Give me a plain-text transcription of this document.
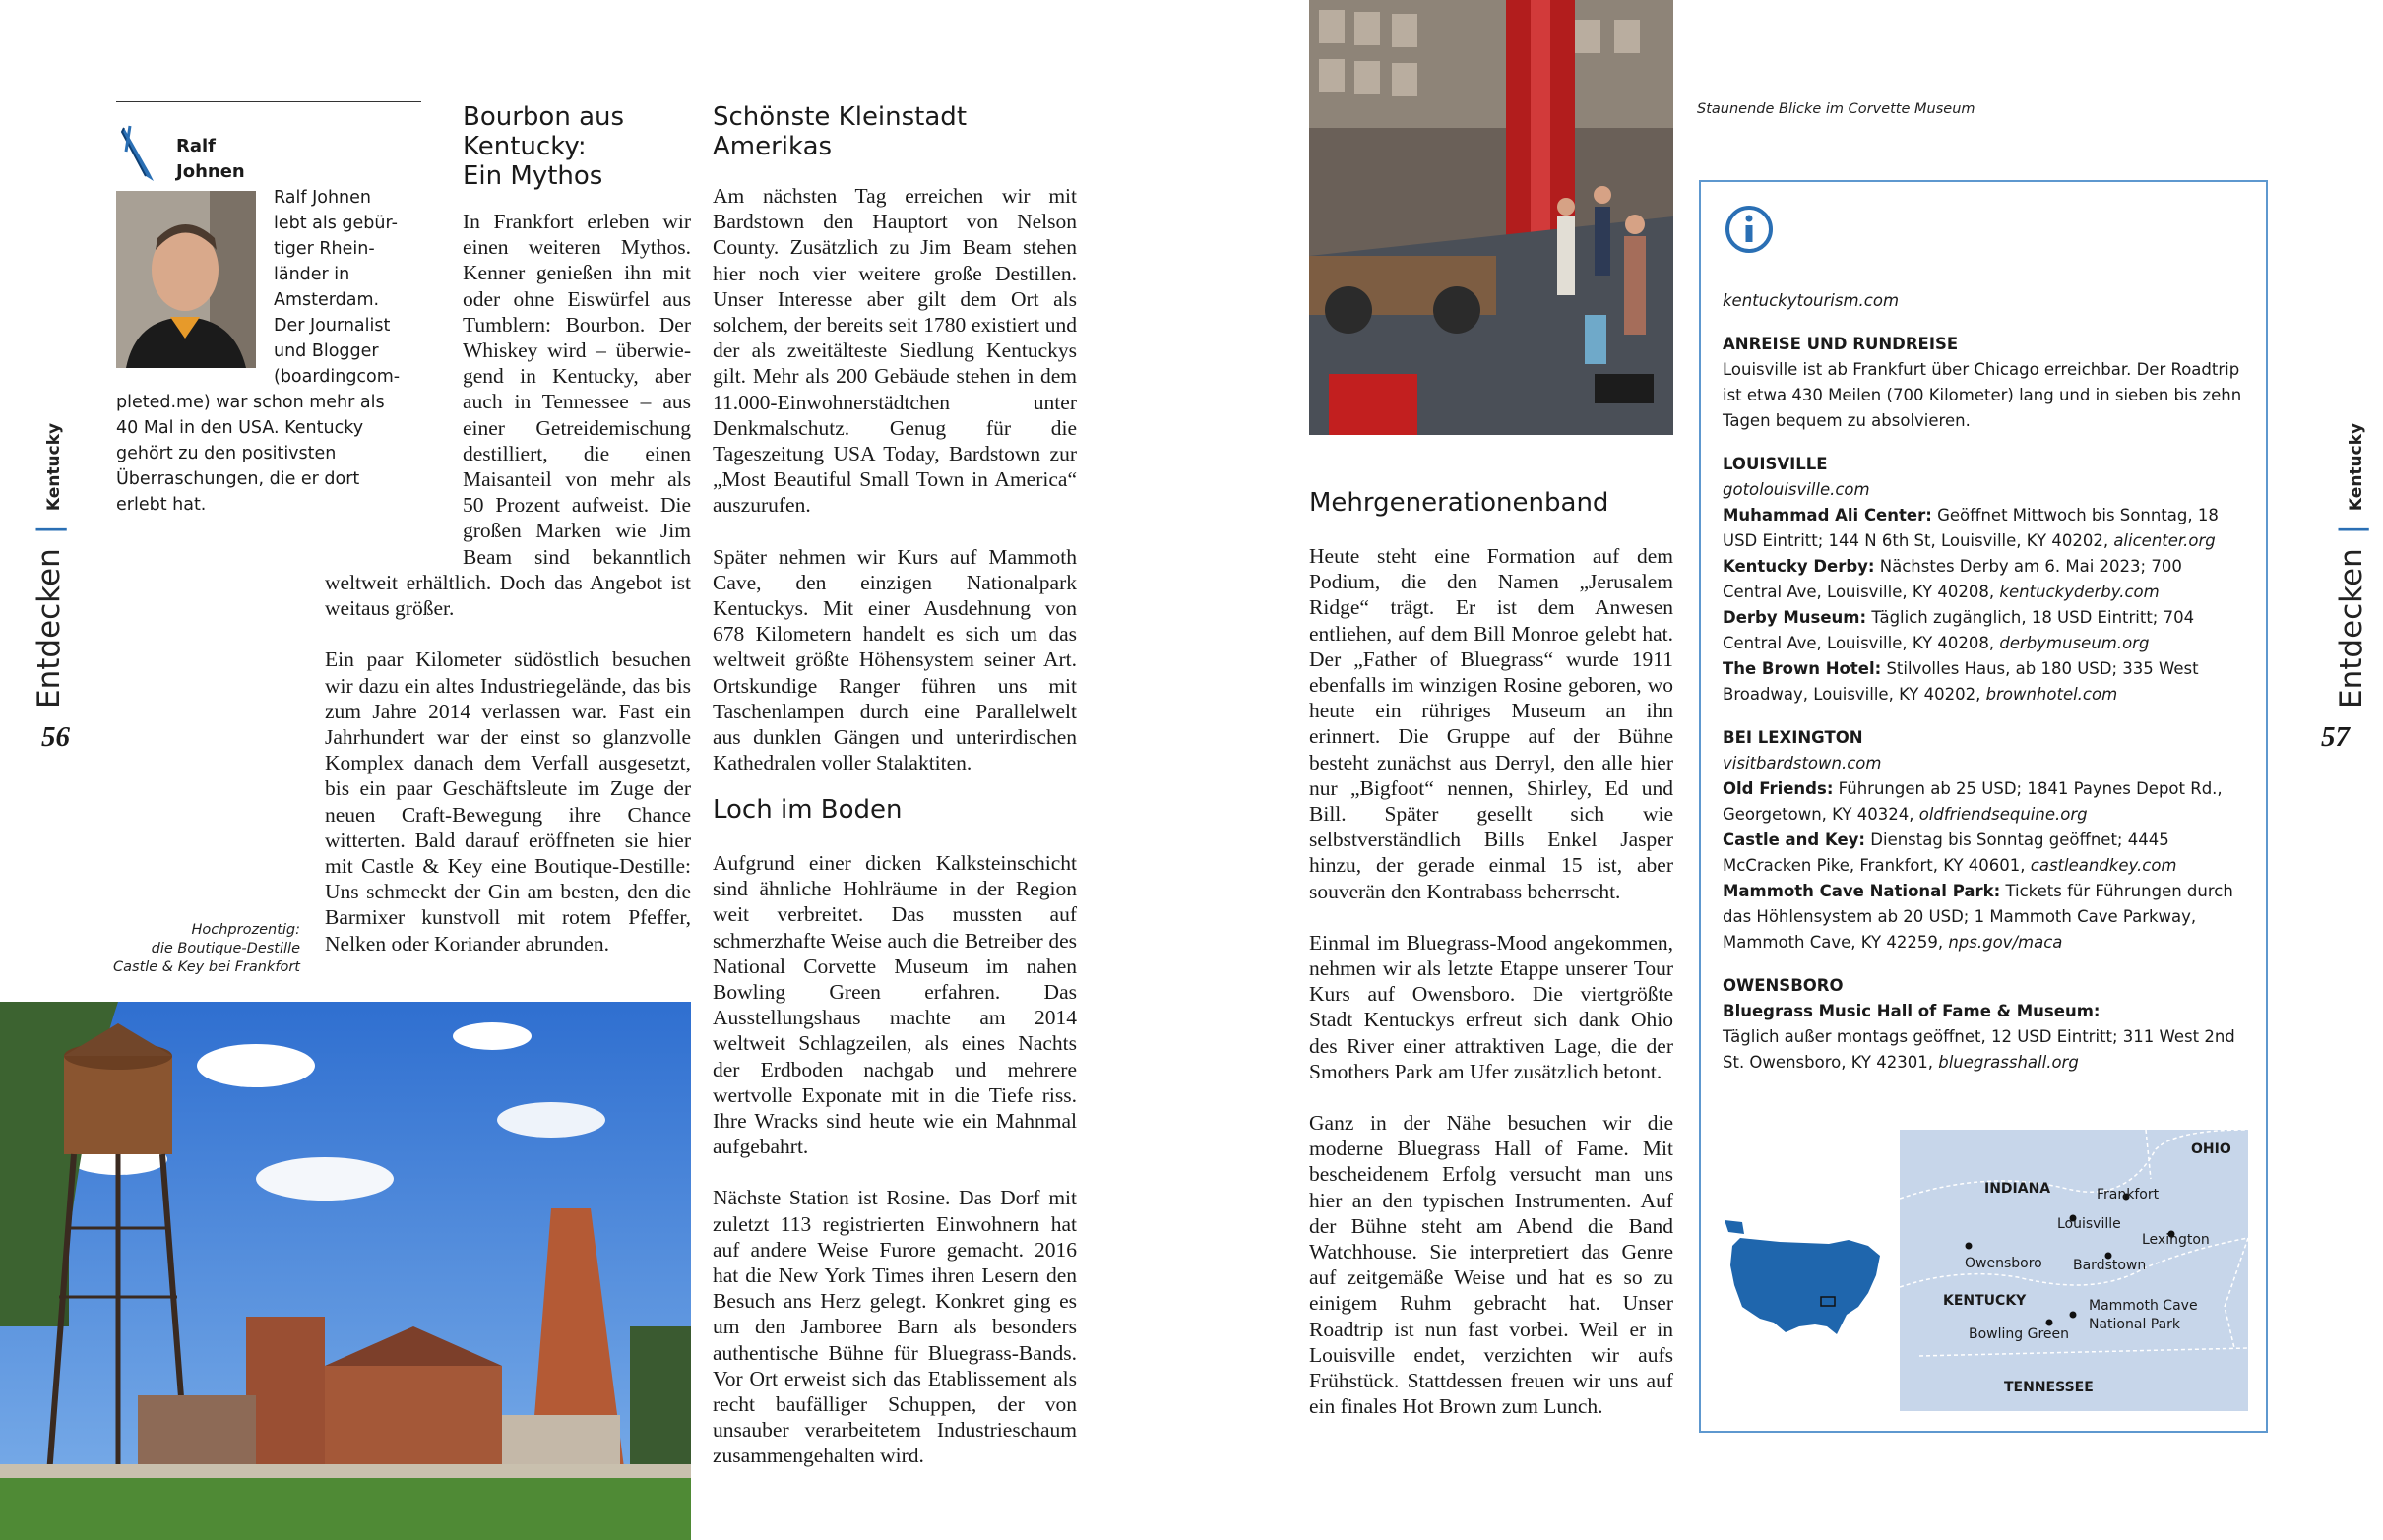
Entdecken | Kentucky
56
Ralf
Johnen
Ralf Johnen
lebt als gebür-
tiger Rhein-
länder in
Amsterdam.
Der Journalist
und Blogger
(boardingcom-
pleted.me) war schon mehr als 40 Mal in den USA. Kentucky gehört zu den positivsten Überraschungen, die er dort erlebt hat.
Bourbon aus
Kentucky:
Ein Mythos
In Frankfort erleben wir
einen weiteren Mythos.
Kenner genießen ihn mit
oder ohne Eiswürfel aus
Tumblern: Bourbon. Der
Whiskey wird – überwie-
gend in Kentucky, aber
auch in Tennessee – aus
einer Getreidemischung
destilliert, die einen
Maisanteil von mehr als
50 Prozent aufweist. Die
großen Marken wie Jim
Beam sind bekanntlich

weltweit erhältlich. Doch das Angebot ist weitaus größer.

Ein paar Kilometer südöstlich besuchen wir dazu ein altes Industriegelände, das bis zum Jahre 2014 verlassen war. Fast ein Jahrhundert war der einst so glanzvolle Komplex danach dem Verfall ausgesetzt, bis ein paar Geschäftsleute im Zuge der neuen Craft-Bewegung ihre Chance witterten. Bald darauf eröffneten sie hier mit Castle & Key eine Boutique-Destille: Uns schmeckt der Gin am besten, den die Barmixer kunstvoll mit rotem Pfeffer, Nelken oder Koriander abrunden.

Hochprozentig:
die Boutique-Destille
Castle & Key bei Frankfort
Schönste Kleinstadt
Amerikas

Am nächsten Tag erreichen wir mit Bardstown den Hauptort von Nelson County. Zusätzlich zu Jim Beam stehen hier noch vier weitere große Destillen. Unser Interesse aber gilt dem Ort als solchem, der bereits seit 1780 existiert und der als zweitälteste Siedlung Kentuckys gilt. Mehr als 200 Gebäude stehen in dem 11.000-Einwohnerstädtchen unter Denkmalschutz. Genug für die Tageszeitung USA Today, Bardstown zur „Most Beautiful Small Town in America“ auszurufen.

Später nehmen wir Kurs auf Mammoth Cave, den einzigen Nationalpark Kentuckys. Mit einer Ausdehnung von 678 Kilometern handelt es sich um das weltweit größte Höhensystem seiner Art. Ortskundige Ranger führen uns mit Taschenlampen durch eine Parallelwelt aus dunklen Gängen und unterirdischen Kathedralen voller Stalaktiten.

Loch im Boden

Aufgrund einer dicken Kalksteinschicht sind ähnliche Hohlräume in der Region weit verbreitet. Das mussten auf schmerzhafte Weise auch die Betreiber des National Corvette Museum im nahen Bowling Green erfahren. Das Ausstellungshaus machte am 2014 weltweit Schlagzeilen, als eines Nachts der Erdboden nachgab und mehrere wertvolle Exponate mit in die Tiefe riss. Ihre Wracks sind heute wie ein Mahnmal aufgebahrt.

Nächste Station ist Rosine. Das Dorf mit zuletzt 113 registrierten Einwohnern hat auf andere Weise Furore gemacht. 2016 hat die New York Times ihren Lesern den Besuch ans Herz gelegt. Konkret ging es um den Jamboree Barn als besonders authentische Bühne für Bluegrass-Bands. Vor Ort erweist sich das Etablissement als recht baufälliger Schuppen, der von unsauber verarbeitetem Industrieschaum zusammengehalten wird.

Staunende Blicke im Corvette Museum
Mehrgenerationenband

Heute steht eine Formation auf dem Podium, die den Namen „Jerusalem Ridge“ trägt. Er ist dem Anwesen entliehen, auf dem Bill Monroe gelebt hat. Der „Father of Bluegrass“ wurde 1911 ebenfalls im winzigen Rosine geboren, wo heute ein rühriges Museum an ihn erinnert. Die Gruppe auf der Bühne besteht zunächst aus Derryl, den alle hier nur „Bigfoot“ nennen, Shirley, Ed und Bill. Später gesellt sich wie selbstverständlich Bills Enkel Jasper hinzu, der gerade einmal 15 ist, aber souverän den Kontrabass beherrscht.

Einmal im Bluegrass-Mood angekommen, nehmen wir als letzte Etappe unserer Tour Kurs auf Owensboro. Die viertgrößte Stadt Kentuckys erfreut sich dank Ohio des River einer attraktiven Lage, die der Smothers Park am Ufer zusätzlich betont.

Ganz in der Nähe besuchen wir die moderne Bluegrass Hall of Fame. Mit bescheidenem Erfolg versucht man uns hier an den typischen Instrumenten. Auf der Bühne steht am Abend die Band Watchhouse. Sie interpretiert das Genre auf zeitgemäße Weise und hat es so zu einigem Ruhm gebracht hat. Unser Roadtrip ist nun fast vorbei. Weil er in Louisville endet, verzichten wir aufs Frühstück. Stattdessen freuen wir uns auf ein finales Hot Brown zum Lunch.

kentuckytourism.com
ANREISE UND RUNDREISE
Louisville ist ab Frankfurt über Chicago erreichbar. Der Roadtrip ist etwa 430 Meilen (700 Kilometer) lang und in sieben bis zehn Tagen bequem zu absolvieren.
LOUISVILLE
gotolouisville.com
Muhammad Ali Center: Geöffnet Mittwoch bis Sonntag, 18 USD Eintritt; 144 N 6th St, Louisville, KY 40202, alicenter.org
Kentucky Derby: Nächstes Derby am 6. Mai 2023; 700 Central Ave, Louisville, KY 40208, kentuckyderby.com
Derby Museum: Täglich zugänglich, 18 USD Eintritt; 704 Central Ave, Louisville, KY 40208, derbymuseum.org
The Brown Hotel: Stilvolles Haus, ab 180 USD; 335 West Broadway, Louisville, KY 40202, brownhotel.com
BEI LEXINGTON
visitbardstown.com
Old Friends: Führungen ab 25 USD; 1841 Paynes Depot Rd., Georgetown, KY 40324, oldfriendsequine.org
Castle and Key: Dienstag bis Sonntag geöffnet; 4445 McCracken Pike, Frankfort, KY 40601, castleandkey.com
Mammoth Cave National Park: Tickets für Führungen durch das Höhlensystem ab 20 USD; 1 Mammoth Cave Parkway, Mammoth Cave, KY 42259, nps.gov/maca
OWENSBORO
Bluegrass Music Hall of Fame & Museum:
Täglich außer montags geöffnet, 12 USD Eintritt; 311 West 2nd St. Owensboro, KY 42301, bluegrasshall.org
OHIO
INDIANA
KENTUCKY
TENNESSEE
Frankfort
Louisville
Lexington
Owensboro Bardstown
Mammoth Cave
National Park
Bowling Green
Entdecken | Kentucky
57
